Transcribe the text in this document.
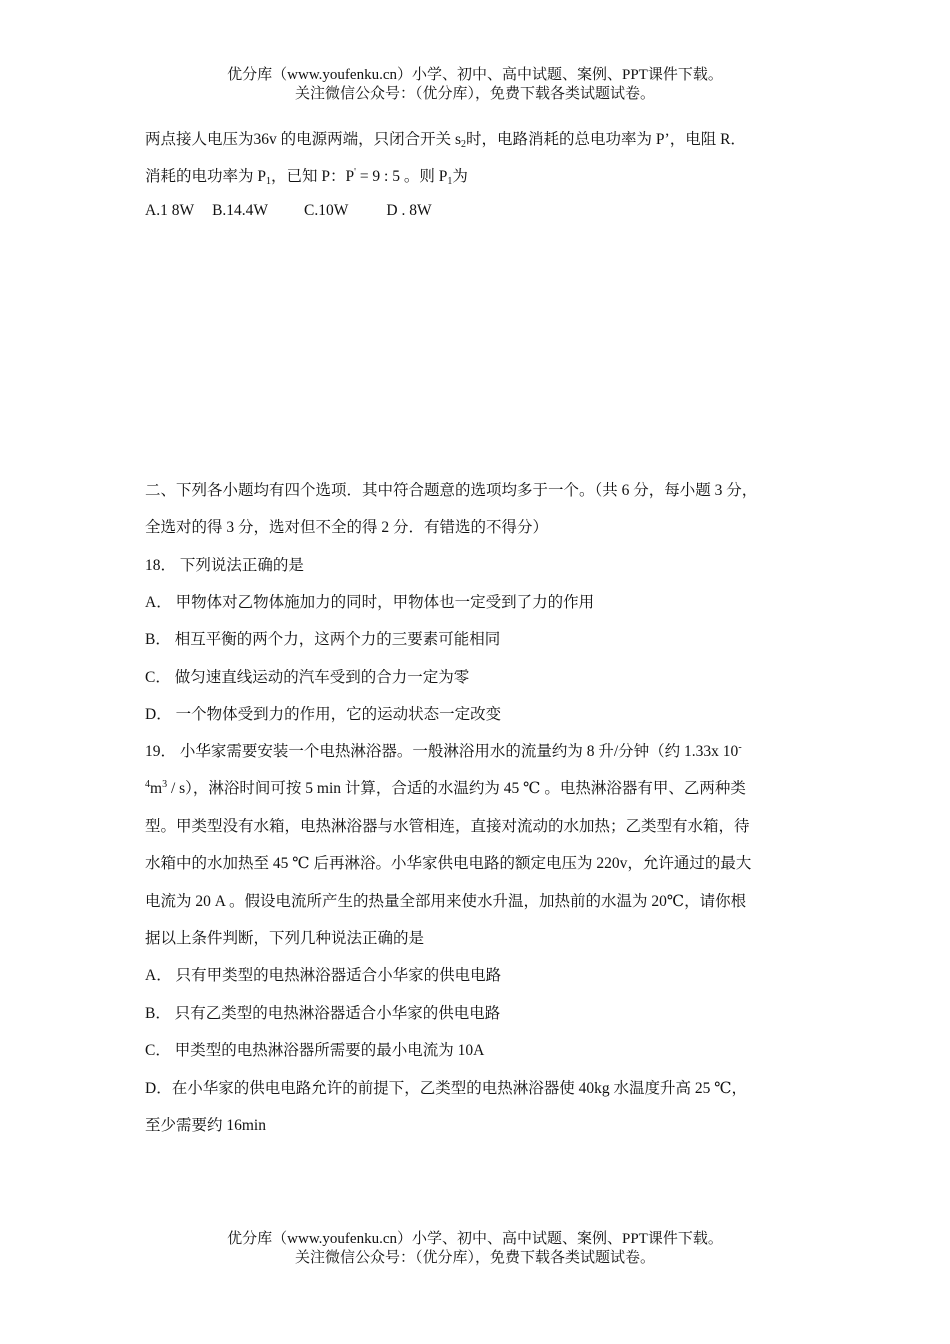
优分库（www.youfenku.cn）小学、初中、高中试题、案例、PPT课件下载。
关注微信公众号：（优分库），免费下载各类试题试卷。
两点接人电压为36v 的电源两端，只闭合开关 $s_2$时，电路消耗的总电功率为 P’，电阻 R．
消耗的电功率为 $P_1$，已知 P：P' = 9 : 5 。则 $P_1$为
A.1 8W B.14.4W C.10W D . 8W
二、下列各小题均有四个选项．其中符合题意的选项均多于一个。（共 6 分，每小题 3 分，
全选对的得 3 分，选对但不全的得 2 分．有错选的不得分）
18． 下列说法正确的是
A． 甲物体对乙物体施加力的同时，甲物体也一定受到了力的作用
B． 相互平衡的两个力，这两个力的三要素可能相同
C． 做匀速直线运动的汽车受到的合力一定为零
D． 一个物体受到力的作用，它的运动状态一定改变
19． 小华家需要安装一个电热淋浴器。一般淋浴用水的流量约为 8 升/分钟（约 1.33x 10-
$^4m^3 / s$），淋浴时间可按 5 min 计算，合适的水温约为 45 ℃ 。电热淋浴器有甲、乙两种类
型。甲类型没有水箱，电热淋浴器与水管相连，直接对流动的水加热；乙类型有水箱，待
水箱中的水加热至 45 ℃ 后再淋浴。小华家供电电路的额定电压为 220v，允许通过的最大
电流为 20 A 。假设电流所产生的热量全部用来使水升温，加热前的水温为 20℃，请你根
据以上条件判断，下列几种说法正确的是
A． 只有甲类型的电热淋浴器适合小华家的供电电路
B． 只有乙类型的电热淋浴器适合小华家的供电电路
C． 甲类型的电热淋浴器所需要的最小电流为 10A
D．在小华家的供电电路允许的前提下，乙类型的电热淋浴器使 40kg 水温度升高 25 ℃，
至少需要约 16min
优分库（www.youfenku.cn）小学、初中、高中试题、案例、PPT课件下载。
关注微信公众号：（优分库），免费下载各类试题试卷。
